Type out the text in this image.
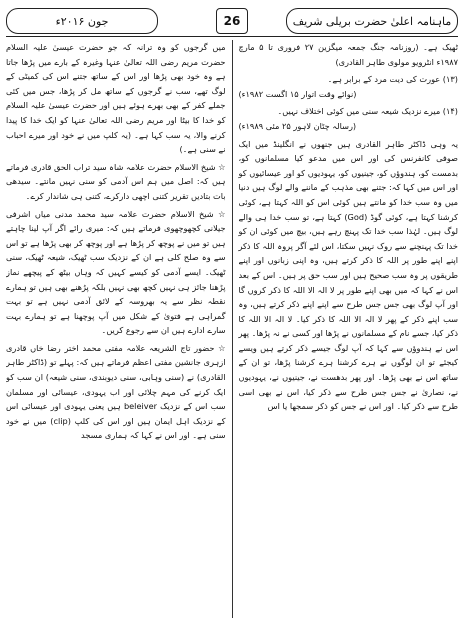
ماہنامہ اعلیٰ حضرت بریلی شریف
26
جون ۲۰۱۶ء

ٹھیک ہے۔ (روزنامہ جنگ جمعہ میگزین ۲۷ فروری تا ۵ مارچ ۱۹۸۷ء انٹرویو مولوی طاہر القادری)

(۱۳) عورت کی دیت مرد کے برابر ہے۔

(نوائے وقت اتوار ۱۵ اگست ۱۹۸۲ء)

(۱۴) میرے نزدیک شیعہ سنی میں کوئی اختلاف نہیں۔

(رسالہ چٹان لاہور ۲۵ مئی ۱۹۸۹ء)

یہ وہی ڈاکٹر طاہر القادری ہیں جنھوں نے انگلینڈ میں ایک صوفی کانفرنس کی اور اس میں مدعو کیا مسلمانوں کو، بدمست کو، ہندوؤں کو، جینیوں کو، یہودیوں کو اور عیسائیوں کو اور اس میں کہا کہ: جتنے بھی مذہب کے ماننے والے لوگ ہیں دنیا میں وہ سب خدا کو مانتے ہیں کوئی اس کو اللہ کہتا ہے، کوئی کرشنا کہتا ہے، کوئی گوڈ (God) کہتا ہے، تو سب خدا ہی والے لوگ ہیں۔ لہٰذا سب خدا تک پہنچ رہے ہیں، بیچ میں کوئی ان کو خدا تک پہنچنے سے روک نہیں سکتا، اس لئے آگر پروہ اللہ کا ذکر اپنے اپنے طور پر اللہ کا ذکر کرتے ہیں، وہ اپنی زبانوں اور اپنے طریقوں پر وہ سب صحیح ہیں اور سب حق پر ہیں۔ اس کے بعد اس نے کہا کہ میں بھی اپنے طور پر لا الہ الا اللہ کا ذکر کروں گا اور آپ لوگ بھی جس جس طرح سے اپنے اپنے ذکر کرتے ہیں، وہ سب اپنے ذکر کے پھر لا الہ الا اللہ کا ذکر کیا۔ لا الہ الا اللہ کا ذکر کیا، جسے نام کے مسلمانوں نے پڑھا اور کسی نے نہ پڑھا۔ پھر اس نے ہندوؤں سے کہا کہ آپ لوگ جیسے ذکر کرتے ہیں ویسے کیجئے تو ان لوگوں نے ہرے کرشنا ہرے کرشنا پڑھا، تو ان کے ساتھ اس نے بھی پڑھا۔ اور پھر بدھست نے، جینیوں نے، یہودیوں نے، نصاریٰ نے جس جس طرح سے ذکر کیا، اس نے بھی اسی طرح سے ذکر کیا۔ اور اس نے جس کو ذکر سمجھا یا اس

میں گرجوں کو وہ ترانہ کہ جو حضرت عیسیٰ علیہ السلام حضرت مریم رضی اللہ تعالیٰ عنہا وغیرہ کے بارے میں پڑھا جاتا ہے وہ خود بھی پڑھا اور اس کے ساتھ جتنے اس کی کمیٹی کے لوگ تھے، سب نے گرجوں کے ساتھ مل کر پڑھا، جس میں کئی جملے کفر کے بھی بھرے ہوئے ہیں اور حضرت عیسیٰ علیہ السلام کو خدا کا بیٹا اور مریم رضی اللہ تعالیٰ عنہا کو ایک خدا کا پیدا کرنے والا، یہ سب کہا ہے۔ (یہ کلپ میں نے خود اور میرے احباب نے سنی ہے۔)

☆ شیخ الاسلام حضرت علامہ شاہ سید تراب الحق قادری فرماتے ہیں کہ: اصل میں ہم اس آدمی کو سنی نہیں مانتے۔ سیدھی بات بتادیں تقریر کتنی اچھی دارکرے، کتنی ہی شاندار کرے۔

☆ شیخ الاسلام حضرت علامہ سید محمد مدنی میاں اشرفی جیلانی کچھوچھوی فرماتے ہیں کہ: میری رائے اگر آپ لینا چاہتے ہیں تو میں نے پوچھ کر پڑھا ہے اور پوچھ کر بھی پڑھا ہے تو اس سے وہ صلح کلی ہے ان کے نزدیک سب ٹھیک، شیعہ ٹھیک، سنی ٹھیک۔ ایسے آدمی کو کیسے کہیں کہ وہاں بیٹھ کے پیچھے نماز پڑھنا جائز ہی نہیں کچھ بھی نہیں بلکہ پڑھنے بھی ہیں تو ہمارے نقطہ نظر سے یہ بھروسہ کے لائق آدمی نہیں ہے تو بہت گمراہی ہے فتویٰ کے شکل میں آپ پوچھنا ہے تو ہمارے بہت سارے ادارے ہیں ان سے رجوع کریں۔

☆ حضور تاج الشریعہ علامہ مفتی محمد اختر رضا خاں قادری ازہری جانشین مفتی اعظم فرماتے ہیں کہ: پہلے تو (ڈاکٹر طاہر القادری) نے (سنی وہابی، سنی دیوبندی، سنی شیعہ) ان سب کو ایک کرنے کی مہم چلائی اور اب یہودی، عیسائی اور مسلمان سب اس کے نزدیک beleiver ہیں یعنی یہودی اور عیسائی اس کے نزدیک اہل ایمان ہیں اور اس کی کلپ (clip) میں نے خود سنی ہے۔ اور اس نے کہا کہ ہماری مسجد
